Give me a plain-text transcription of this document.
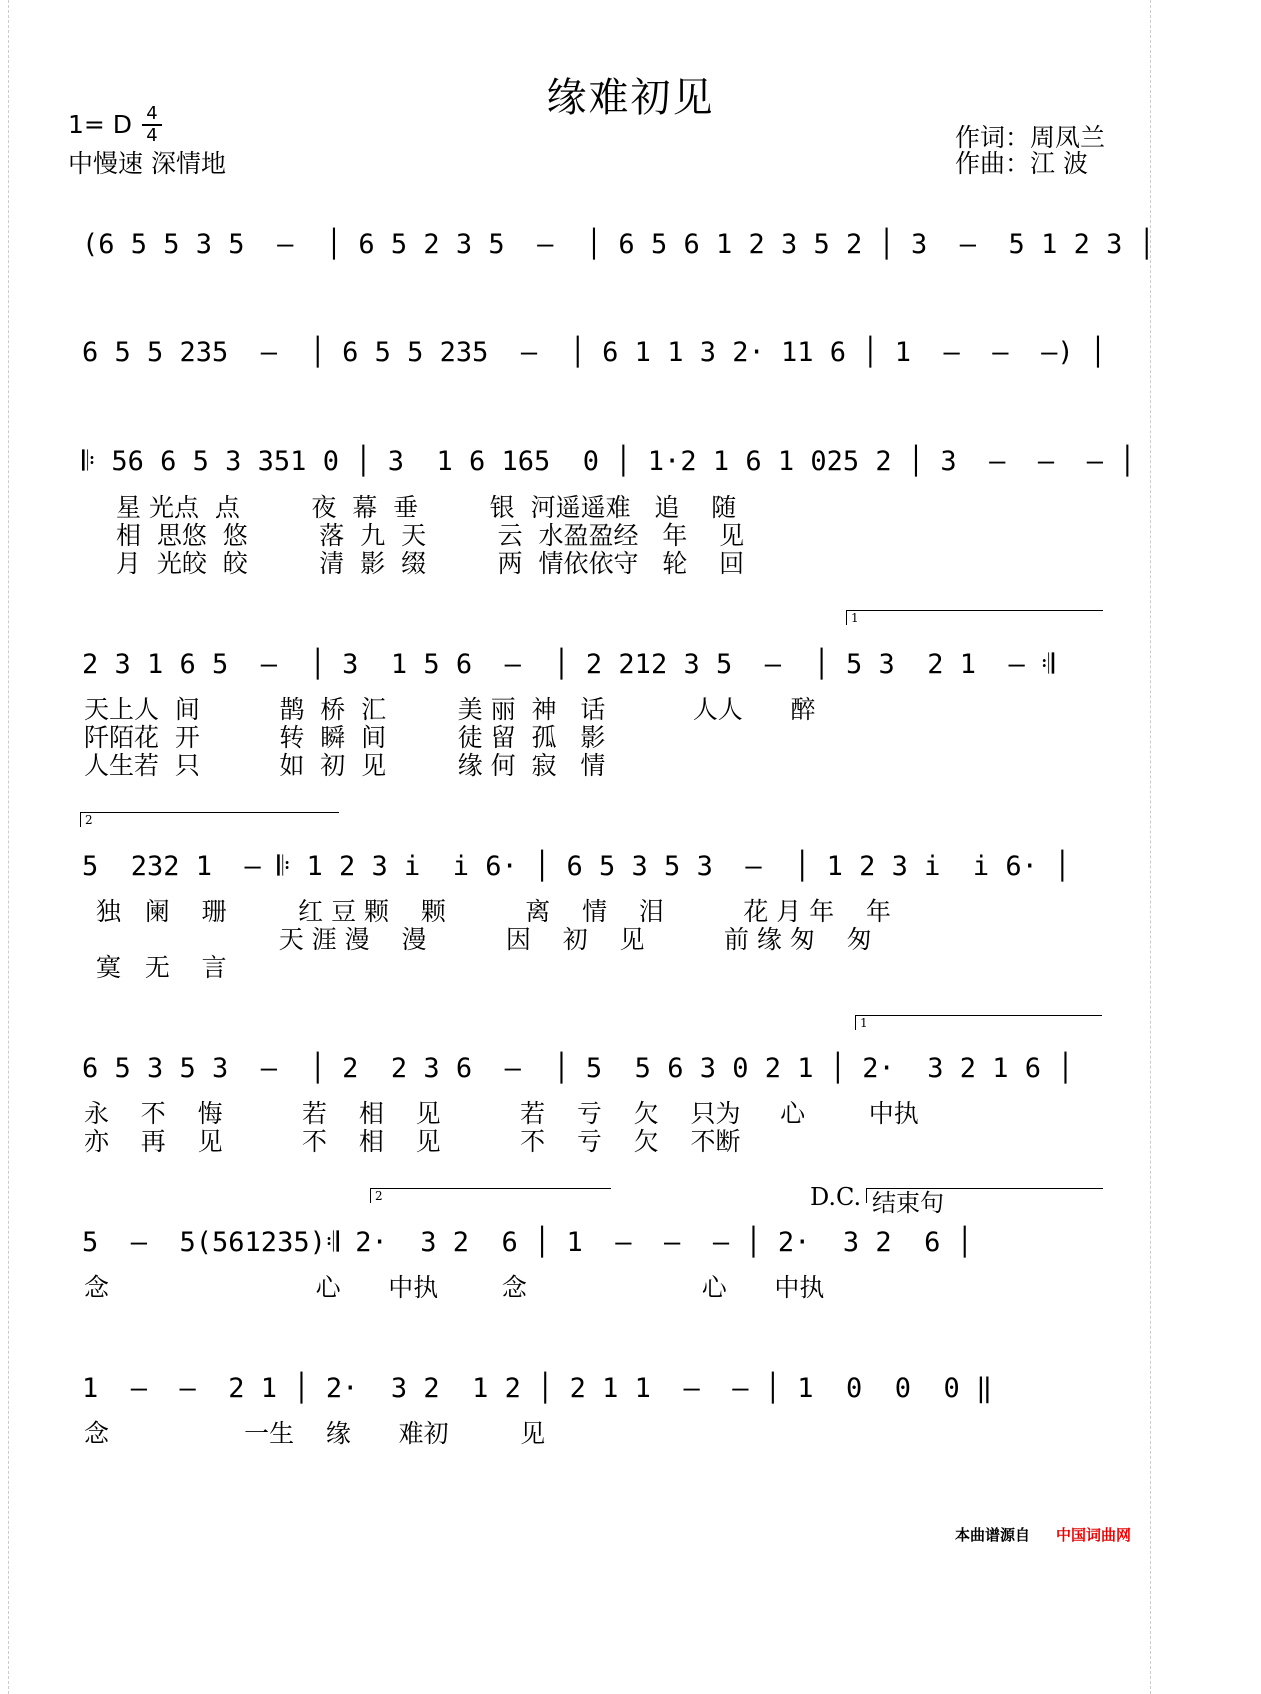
缘难初见
1= D 4
4
中慢速 深情地
作词：周凤兰
作曲：江 波
(6 5 5 3 5  —  │ 6 5 2 3 5  —  │ 6 5 6 1 2 3 5 2 │ 3  —  5 1 2 3 │
6 5 5 235  —  │ 6 5 5 235  —  │ 6 1 1 3 2· 11 6 │ 1  —  —  —) │
𝄆 56 6 5 3 351 0 │ 3  1 6 165  0 │ 1·2 1 6 1 025 2 │ 3  —  —  — │
星 光点  点         夜  幕  垂         银  河遥遥难   追    随
相  思悠  悠         落  九  天         云  水盈盈经   年    见
月  光皎  皎         清  影  缀         两  情依依守   轮    回
1
2 3 1 6 5  —  │ 3  1 5 6  —  │ 2 212 3 5  —  │ 5 3  2 1  — 𝄇
天上人  间          鹊  桥  汇         美 丽  神   话           人人      醉
阡陌花  开          转  瞬  间         徒 留  孤   影
人生若  只          如  初  见         缘 何  寂   情
2
5  232 1  — 𝄆 1 2 3 i  i 6· │ 6 5 3 5 3  —  │ 1 2 3 i  i 6· │
独   阑    珊         红 豆 颗    颗          离    情    泪          花 月 年    年
天 涯 漫    漫          因    初    见          前 缘 匆    匆
寞   无    言
1
6 5 3 5 3  —  │ 2  2 3 6  —  │ 5  5 6 3 0 2 1 │ 2·  3 2 1 6 │
永    不    悔          若    相    见          若    亏    欠    只为     心        中执
亦    再    见          不    相    见          不    亏    欠    不断
2	D.C. 结束句
5  —  5(561235)𝄇 2·  3 2  6 │ 1  —  —  — │ 2·  3 2  6 │
念                          心      中执        念                      心      中执
1  —  —  2 1 │ 2·  3 2  1 2 │ 2 1 1  —  — │ 1  0  0  0 ‖
念                 一生    缘      难初         见
本曲谱源自 中国词曲网
